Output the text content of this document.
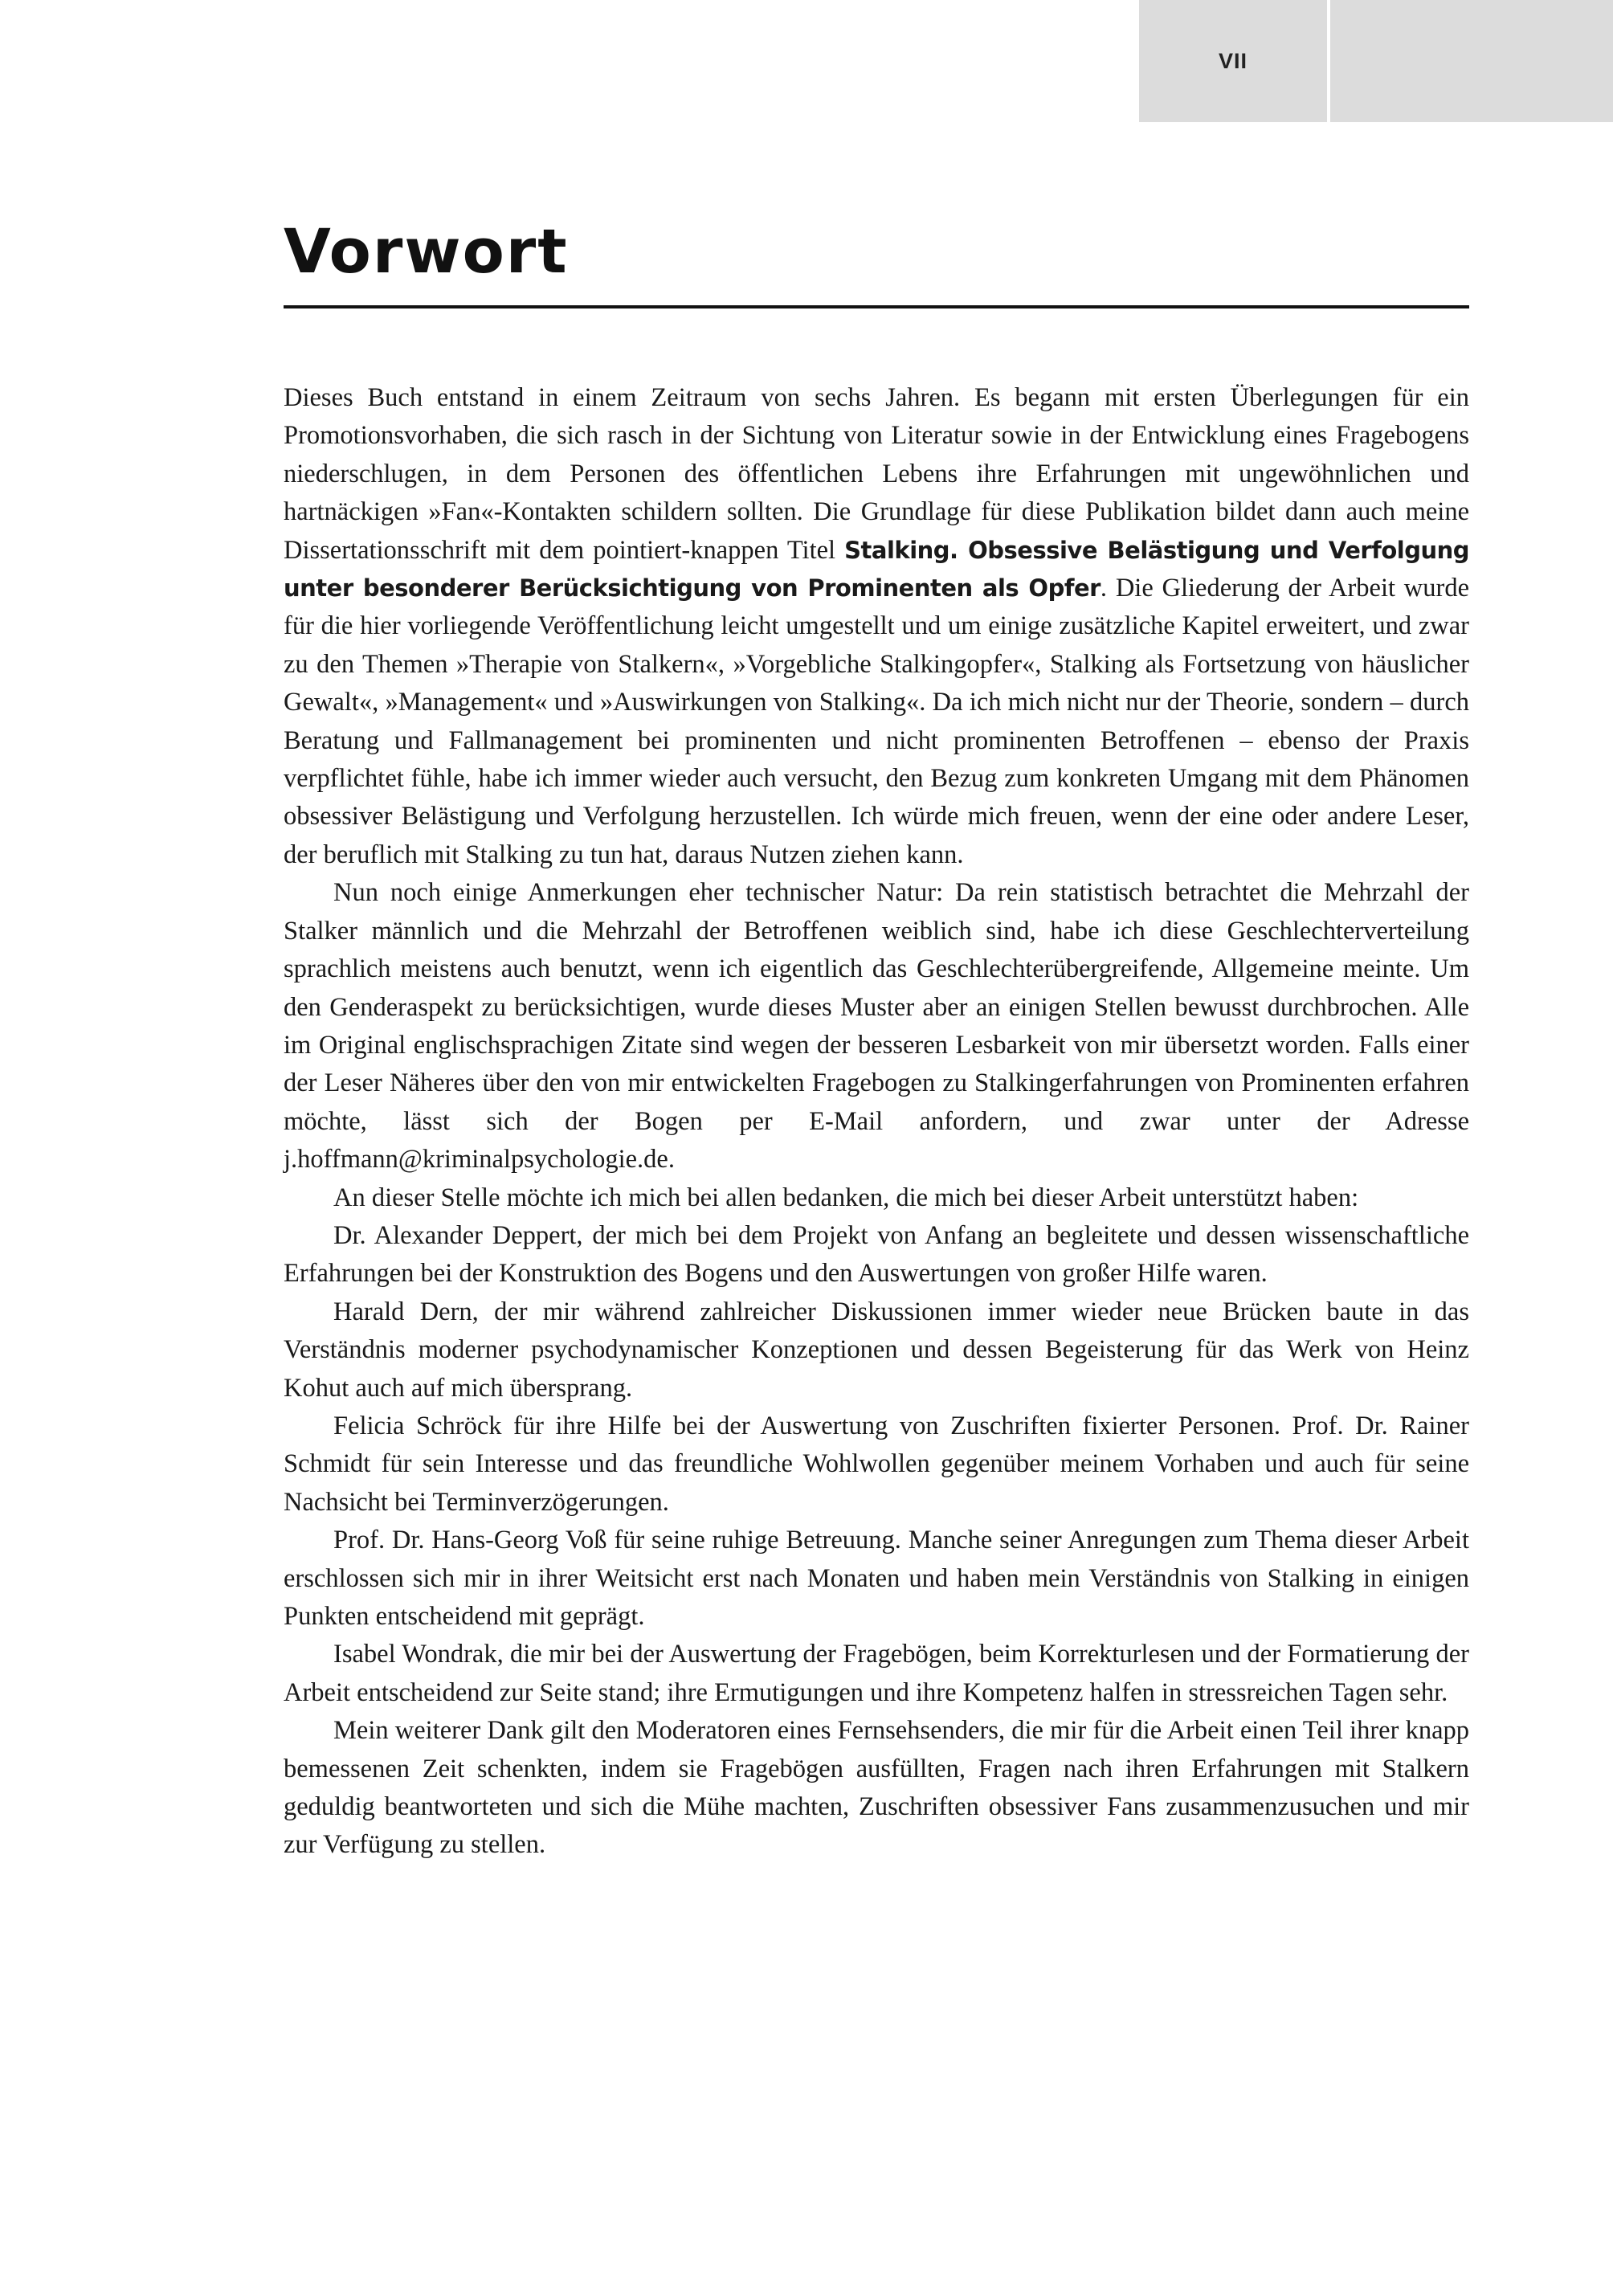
VII
Vorwort

Dieses Buch entstand in einem Zeitraum von sechs Jahren. Es begann mit ersten Überlegungen für ein Promotionsvorhaben, die sich rasch in der Sichtung von Literatur sowie in der Entwicklung eines Fragebogens niederschlugen, in dem Personen des öffentlichen Lebens ihre Erfahrungen mit ungewöhnlichen und hartnäckigen »Fan«-Kontakten schildern sollten. Die Grundlage für diese Publikation bildet dann auch meine Dissertationsschrift mit dem pointiert-knappen Titel Stalking. Obsessive Belästigung und Verfolgung unter besonderer Berücksichtigung von Prominenten als Opfer. Die Gliederung der Arbeit wurde für die hier vorliegende Veröffentlichung leicht umgestellt und um einige zusätzliche Kapitel erweitert, und zwar zu den Themen »Therapie von Stalkern«, »Vorgebliche Stalkingopfer«, Stalking als Fortsetzung von häuslicher Gewalt«, »Management« und »Auswirkungen von Stalking«. Da ich mich nicht nur der Theorie, sondern – durch Beratung und Fallmanagement bei prominenten und nicht prominenten Betroffenen – ebenso der Praxis verpflichtet fühle, habe ich immer wieder auch versucht, den Bezug zum konkreten Umgang mit dem Phänomen obsessiver Belästigung und Verfolgung herzustellen. Ich würde mich freuen, wenn der eine oder andere Leser, der beruflich mit Stalking zu tun hat, daraus Nutzen ziehen kann.

Nun noch einige Anmerkungen eher technischer Natur: Da rein statistisch betrachtet die Mehrzahl der Stalker männlich und die Mehrzahl der Betroffenen weiblich sind, habe ich diese Geschlechterverteilung sprachlich meistens auch benutzt, wenn ich eigentlich das Geschlechterübergreifende, Allgemeine meinte. Um den Genderaspekt zu berücksichtigen, wurde dieses Muster aber an einigen Stellen bewusst durchbrochen. Alle im Original englischsprachigen Zitate sind wegen der besseren Lesbarkeit von mir übersetzt worden. Falls einer der Leser Näheres über den von mir entwickelten Fragebogen zu Stalkingerfahrungen von Prominenten erfahren möchte, lässt sich der Bogen per E-Mail anfordern, und zwar unter der Adresse j.hoffmann@kriminalpsychologie.de.

An dieser Stelle möchte ich mich bei allen bedanken, die mich bei dieser Arbeit unterstützt haben:

Dr. Alexander Deppert, der mich bei dem Projekt von Anfang an begleitete und dessen wissenschaftliche Erfahrungen bei der Konstruktion des Bogens und den Auswertungen von großer Hilfe waren.

Harald Dern, der mir während zahlreicher Diskussionen immer wieder neue Brücken baute in das Verständnis moderner psychodynamischer Konzeptionen und dessen Begeisterung für das Werk von Heinz Kohut auch auf mich übersprang.

Felicia Schröck für ihre Hilfe bei der Auswertung von Zuschriften fixierter Personen. Prof. Dr. Rainer Schmidt für sein Interesse und das freundliche Wohlwollen gegenüber meinem Vorhaben und auch für seine Nachsicht bei Terminverzögerungen.

Prof. Dr. Hans-Georg Voß für seine ruhige Betreuung. Manche seiner Anregungen zum Thema dieser Arbeit erschlossen sich mir in ihrer Weitsicht erst nach Monaten und haben mein Verständnis von Stalking in einigen Punkten entscheidend mit geprägt.

Isabel Wondrak, die mir bei der Auswertung der Fragebögen, beim Korrekturlesen und der Formatierung der Arbeit entscheidend zur Seite stand; ihre Ermutigungen und ihre Kompetenz halfen in stressreichen Tagen sehr.

Mein weiterer Dank gilt den Moderatoren eines Fernsehsenders, die mir für die Arbeit einen Teil ihrer knapp bemessenen Zeit schenkten, indem sie Fragebögen ausfüllten, Fragen nach ihren Erfahrungen mit Stalkern geduldig beantworteten und sich die Mühe machten, Zuschriften obsessiver Fans zusammenzusuchen und mir zur Verfügung zu stellen.
